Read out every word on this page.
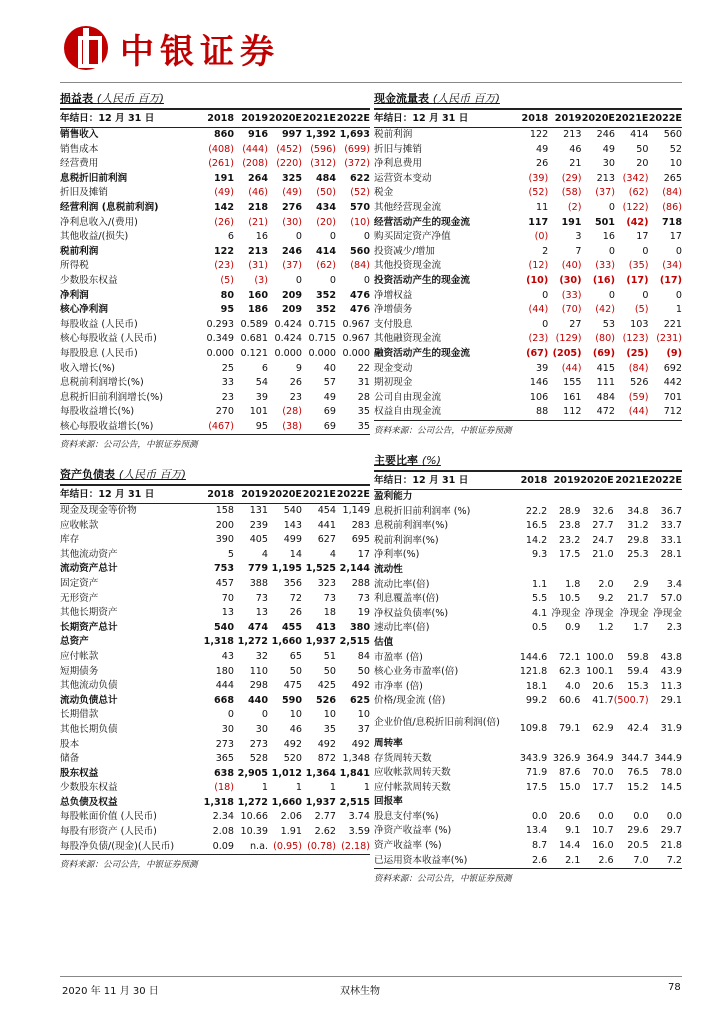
中银证券
损益表 (人民币 百万)
年结日：12 月 31 日	2018	2019	2020E	2021E	2022E
销售收入	860	916	997	1,392	1,693
销售成本	(408)	(444)	(452)	(596)	(699)
经营费用	(261)	(208)	(220)	(312)	(372)
息税折旧前利润	191	264	325	484	622
折旧及摊销	(49)	(46)	(49)	(50)	(52)
经营利润 (息税前利润)	142	218	276	434	570
净利息收入/(费用)	(26)	(21)	(30)	(20)	(10)
其他收益/(损失)	6	16	0	0	0
税前利润	122	213	246	414	560
所得税	(23)	(31)	(37)	(62)	(84)
少数股东权益	(5)	(3)	0	0	0
净利润	80	160	209	352	476
核心净利润	95	186	209	352	476
每股收益 (人民币)	0.293	0.589	0.424	0.715	0.967
核心每股收益 (人民币)	0.349	0.681	0.424	0.715	0.967
每股股息 (人民币)	0.000	0.121	0.000	0.000	0.000
收入增长(%)	25	6	9	40	22
息税前利润增长(%)	33	54	26	57	31
息税折旧前利润增长(%)	23	39	23	49	28
每股收益增长(%)	270	101	(28)	69	35
核心每股收益增长(%)	(467)	95	(38)	69	35
资料来源：公司公告，中银证券预测
现金流量表 (人民币 百万)
年结日：12 月 31 日	2018	2019	2020E	2021E	2022E
税前利润	122	213	246	414	560
折旧与摊销	49	46	49	50	52
净利息费用	26	21	30	20	10
运营资本变动	(39)	(29)	213	(342)	265
税金	(52)	(58)	(37)	(62)	(84)
其他经营现金流	11	(2)	0	(122)	(86)
经营活动产生的现金流	117	191	501	(42)	718
购买固定资产净值	(0)	3	16	17	17
投资减少/增加	2	7	0	0	0
其他投资现金流	(12)	(40)	(33)	(35)	(34)
投资活动产生的现金流	(10)	(30)	(16)	(17)	(17)
净增权益	0	(33)	0	0	0
净增债务	(44)	(70)	(42)	(5)	1
支付股息	0	27	53	103	221
其他融资现金流	(23)	(129)	(80)	(123)	(231)
融资活动产生的现金流	(67)	(205)	(69)	(25)	(9)
现金变动	39	(44)	415	(84)	692
期初现金	146	155	111	526	442
公司自由现金流	106	161	484	(59)	701
权益自由现金流	88	112	472	(44)	712
资料来源：公司公告，中银证券预测
资产负债表 (人民币 百万)
年结日：12 月 31 日	2018	2019	2020E	2021E	2022E
现金及现金等价物	158	131	540	454	1,149
应收帐款	200	239	143	441	283
库存	390	405	499	627	695
其他流动资产	5	4	14	4	17
流动资产总计	753	779	1,195	1,525	2,144
固定资产	457	388	356	323	288
无形资产	70	73	72	73	73
其他长期资产	13	13	26	18	19
长期资产总计	540	474	455	413	380
总资产	1,318	1,272	1,660	1,937	2,515
应付帐款	43	32	65	51	84
短期债务	180	110	50	50	50
其他流动负债	444	298	475	425	492
流动负债总计	668	440	590	526	625
长期借款	0	0	10	10	10
其他长期负债	30	30	46	35	37
股本	273	273	492	492	492
储备	365	528	520	872	1,348
股东权益	638	2,905	1,012	1,364	1,841
少数股东权益	(18)	1	1	1	1
总负债及权益	1,318	1,272	1,660	1,937	2,515
每股帐面价值 (人民币)	2.34	10.66	2.06	2.77	3.74
每股有形资产 (人民币)	2.08	10.39	1.91	2.62	3.59
每股净负债/(现金)(人民币)	0.09	n.a.	(0.95)	(0.78)	(2.18)
资料来源：公司公告，中银证券预测
主要比率 (%)
年结日：12 月 31 日	2018	2019	2020E	2021E	2022E
盈利能力					
息税折旧前利润率 (%)	22.2	28.9	32.6	34.8	36.7
息税前利润率(%)	16.5	23.8	27.7	31.2	33.7
税前利润率(%)	14.2	23.2	24.7	29.8	33.1
净利率(%)	9.3	17.5	21.0	25.3	28.1
流动性					
流动比率(倍)	1.1	1.8	2.0	2.9	3.4
利息覆盖率(倍)	5.5	10.5	9.2	21.7	57.0
净权益负债率(%)	4.1	净现金	净现金	净现金	净现金
速动比率(倍)	0.5	0.9	1.2	1.7	2.3
估值					
市盈率 (倍)	144.6	72.1	100.0	59.8	43.8
核心业务市盈率(倍)	121.8	62.3	100.1	59.4	43.9
市净率 (倍)	18.1	4.0	20.6	15.3	11.3
价格/现金流 (倍)	99.2	60.6	41.7	(500.7)	29.1
企业价值/息税折旧前利润(倍)	109.8	79.1	62.9	42.4	31.9
周转率					
存货周转天数	343.9	326.9	364.9	344.7	344.9
应收帐款周转天数	71.9	87.6	70.0	76.5	78.0
应付帐款周转天数	17.5	15.0	17.7	15.2	14.5
回报率					
股息支付率(%)	0.0	20.6	0.0	0.0	0.0
净资产收益率 (%)	13.4	9.1	10.7	29.6	29.7
资产收益率 (%)	8.7	14.4	16.0	20.5	21.8
已运用资本收益率(%)	2.6	2.1	2.6	7.0	7.2
资料来源：公司公告，中银证券预测
2020 年 11 月 30 日	双林生物	78
